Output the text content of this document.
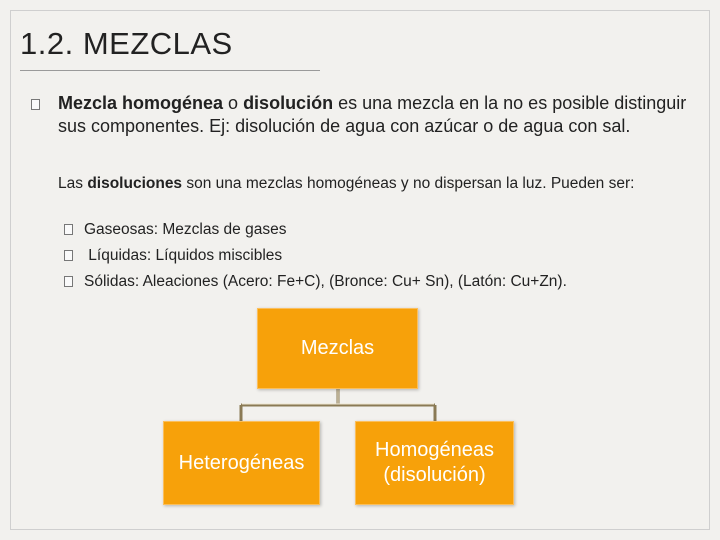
1.2. MEZCLAS
Mezcla homogénea o disolución es una mezcla en la no es posible distinguir sus componentes. Ej: disolución de agua con azúcar o de agua con sal.
Las disoluciones son una mezclas homogéneas y no dispersan la luz. Pueden ser:
Gaseosas: Mezclas de gases
Líquidas: Líquidos miscibles
Sólidas: Aleaciones (Acero: Fe+C), (Bronce: Cu+ Sn), (Latón: Cu+Zn).
Mezclas
Heterogéneas
Homogéneas
(disolución)
